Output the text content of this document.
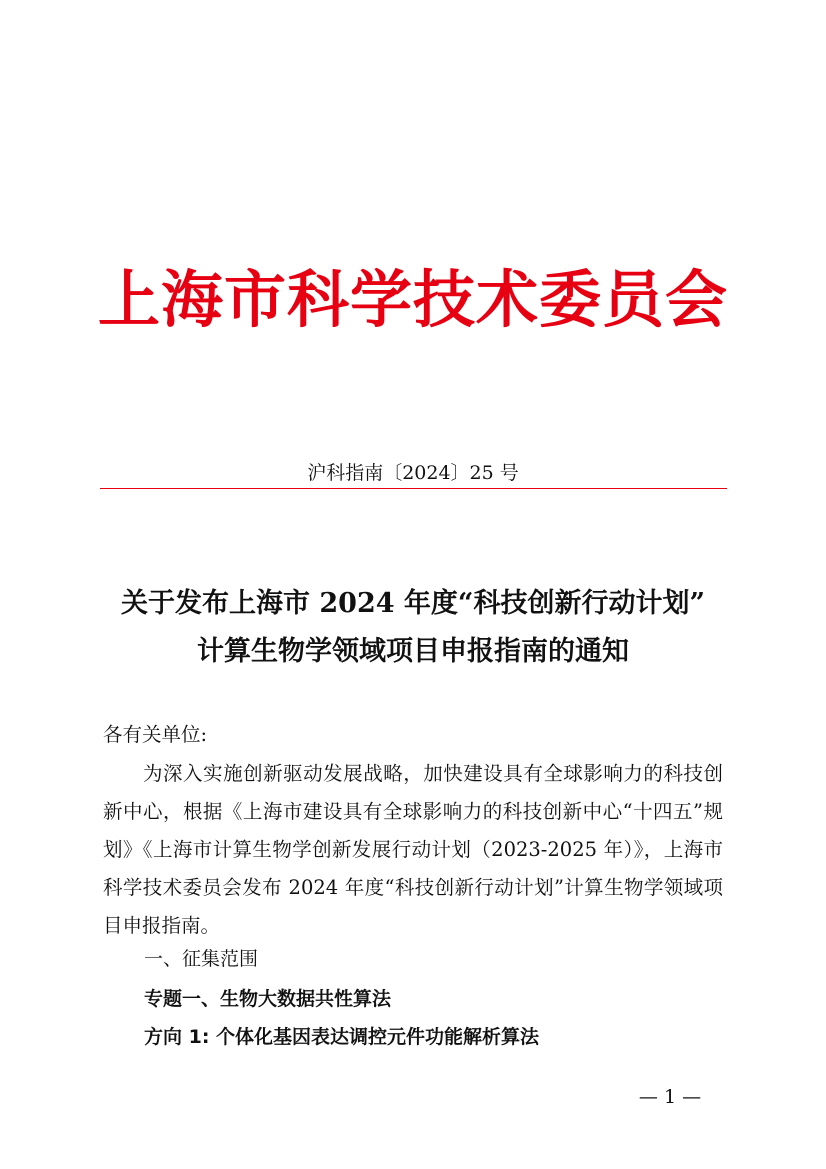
上海市科学技术委员会
沪科指南〔2024〕25 号
关于发布上海市 2024 年度“科技创新行动计划”
计算生物学领域项目申报指南的通知
各有关单位:
为深入实施创新驱动发展战略，加快建设具有全球影响力的科技创新中心，根据《上海市建设具有全球影响力的科技创新中心“十四五”规划》《上海市计算生物学创新发展行动计划（2023-2025 年）》，上海市科学技术委员会发布 2024 年度“科技创新行动计划”计算生物学领域项目申报指南。
一、征集范围
专题一、生物大数据共性算法
方向 1: 个体化基因表达调控元件功能解析算法
— 1 —
